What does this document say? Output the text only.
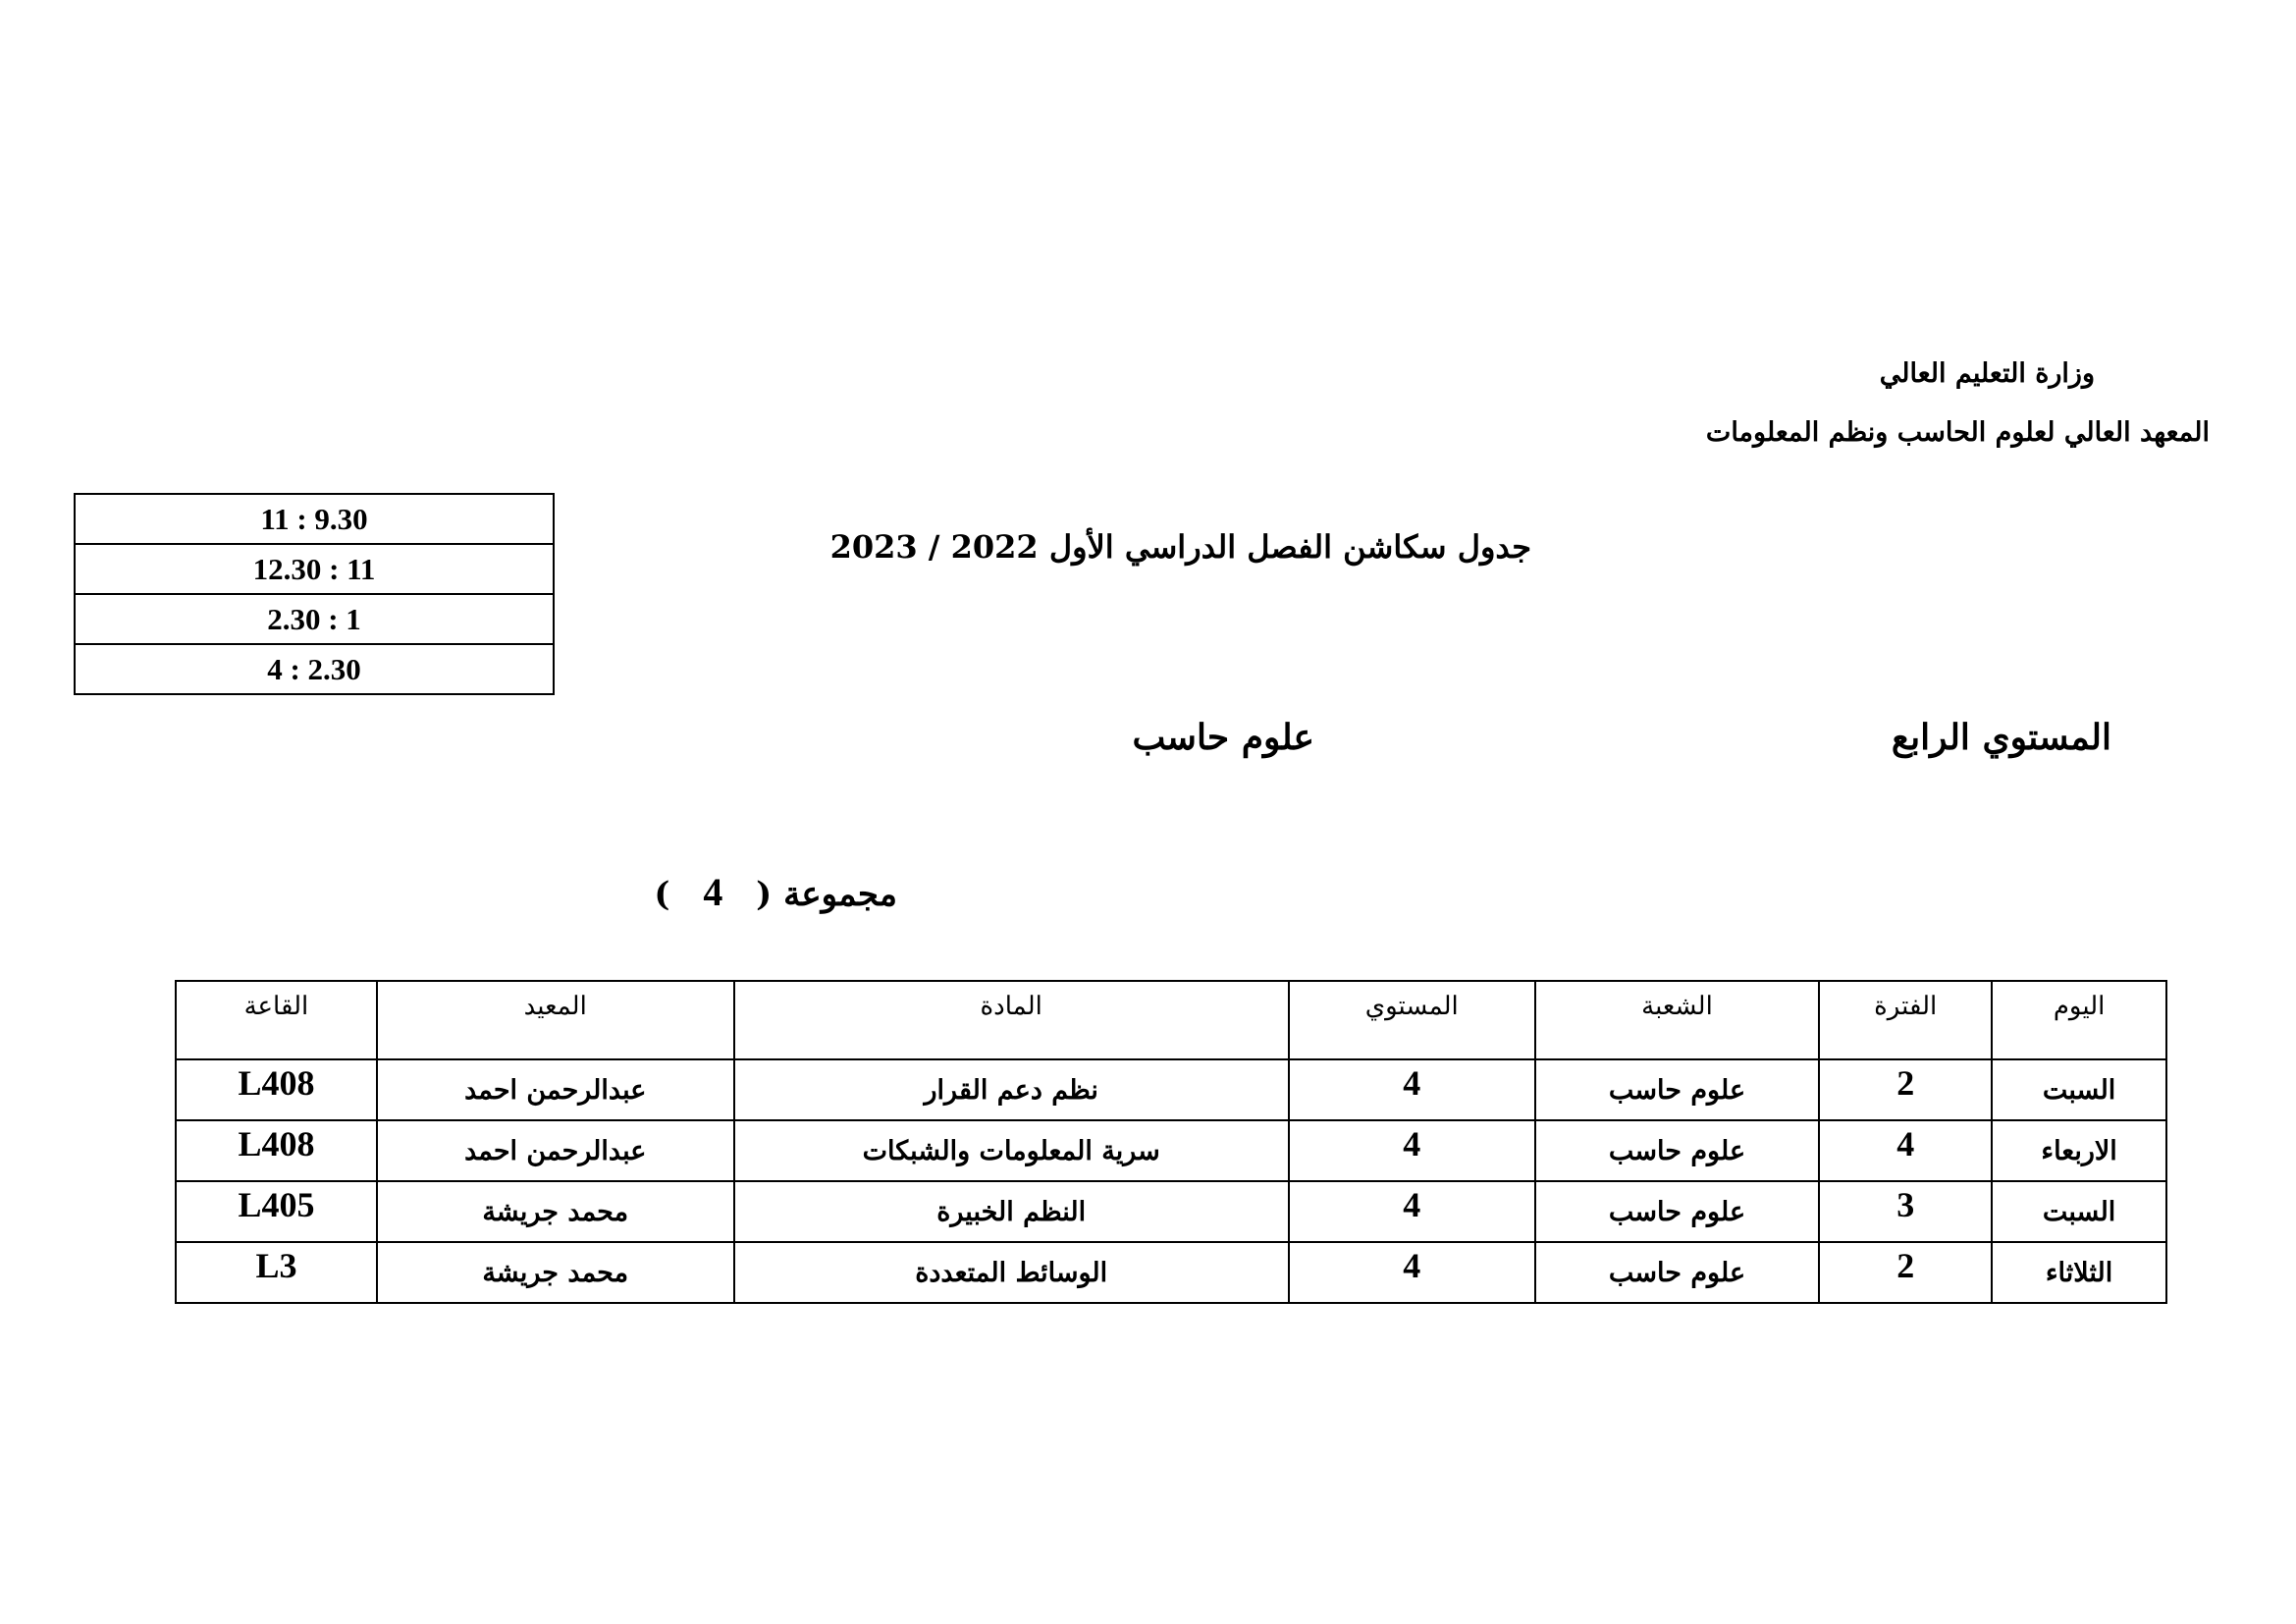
وزارة التعليم العالي
المعهد العالي لعلوم الحاسب ونظم المعلومات
جدول سكاشن الفصل الدراسي الأول 2022 / 2023
11 : 9.30
12.30 : 11
2.30 : 1
4 : 2.30
المستوي الرابع
علوم حاسب
مجموعة ( 4 )
اليوم	الفترة	الشعبة	المستوي	المادة	المعيد	القاعة
السبت	2	علوم حاسب	4	نظم دعم القرار	عبدالرحمن احمد	L408
الاربعاء	4	علوم حاسب	4	سرية المعلومات والشبكات	عبدالرحمن احمد	L408
السبت	3	علوم حاسب	4	النظم الخبيرة	محمد جريشة	L405
الثلاثاء	2	علوم حاسب	4	الوسائط المتعددة	محمد جريشة	L3
